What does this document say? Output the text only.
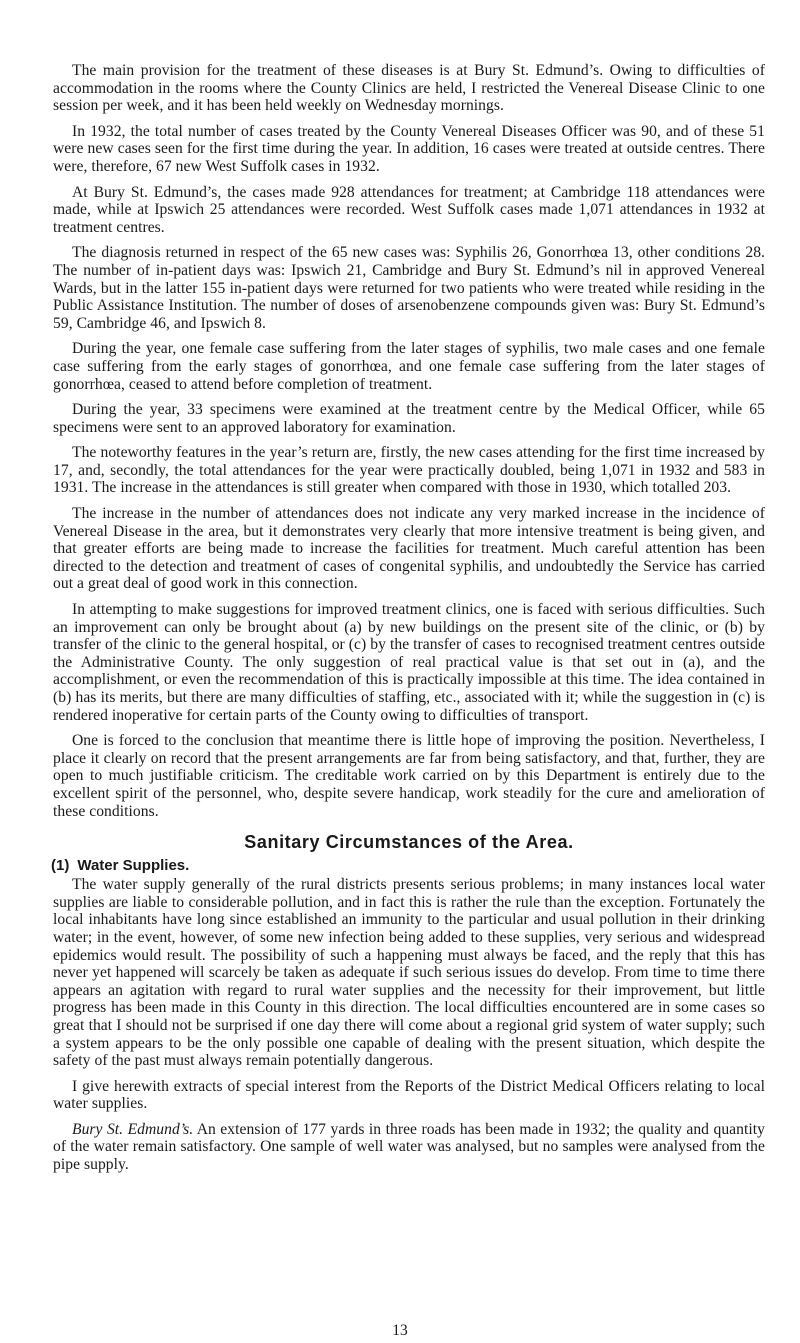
The main provision for the treatment of these diseases is at Bury St. Edmund’s. Owing to difficulties of accommodation in the rooms where the County Clinics are held, I restricted the Venereal Disease Clinic to one session per week, and it has been held weekly on Wednesday mornings.

In 1932, the total number of cases treated by the County Venereal Diseases Officer was 90, and of these 51 were new cases seen for the first time during the year. In addition, 16 cases were treated at outside centres. There were, therefore, 67 new West Suffolk cases in 1932.

At Bury St. Edmund’s, the cases made 928 attendances for treatment; at Cambridge 118 attendances were made, while at Ipswich 25 attendances were recorded. West Suffolk cases made 1,071 attendances in 1932 at treatment centres.

The diagnosis returned in respect of the 65 new cases was: Syphilis 26, Gonorrhœa 13, other conditions 28. The number of in-patient days was: Ipswich 21, Cambridge and Bury St. Edmund’s nil in approved Venereal Wards, but in the latter 155 in-patient days were returned for two patients who were treated while residing in the Public Assistance Institution. The number of doses of arsenobenzene compounds given was: Bury St. Edmund’s 59, Cambridge 46, and Ipswich 8.

During the year, one female case suffering from the later stages of syphilis, two male cases and one female case suffering from the early stages of gonorrhœa, and one female case suffering from the later stages of gonorrhœa, ceased to attend before completion of treatment.

During the year, 33 specimens were examined at the treatment centre by the Medical Officer, while 65 specimens were sent to an approved laboratory for examination.

The noteworthy features in the year’s return are, firstly, the new cases attending for the first time increased by 17, and, secondly, the total attendances for the year were practically doubled, being 1,071 in 1932 and 583 in 1931. The increase in the attendances is still greater when compared with those in 1930, which totalled 203.

The increase in the number of attendances does not indicate any very marked increase in the incidence of Venereal Disease in the area, but it demonstrates very clearly that more intensive treatment is being given, and that greater efforts are being made to increase the facilities for treatment. Much careful attention has been directed to the detection and treatment of cases of congenital syphilis, and undoubtedly the Service has carried out a great deal of good work in this connection.

In attempting to make suggestions for improved treatment clinics, one is faced with serious difficulties. Such an improvement can only be brought about (a) by new buildings on the present site of the clinic, or (b) by transfer of the clinic to the general hospital, or (c) by the transfer of cases to recognised treatment centres outside the Administrative County. The only suggestion of real practical value is that set out in (a), and the accomplishment, or even the recommendation of this is practically impossible at this time. The idea contained in (b) has its merits, but there are many difficulties of staffing, etc., associated with it; while the suggestion in (c) is rendered inoperative for certain parts of the County owing to difficulties of transport.

One is forced to the conclusion that meantime there is little hope of improving the position. Nevertheless, I place it clearly on record that the present arrangements are far from being satisfactory, and that, further, they are open to much justifiable criticism. The creditable work carried on by this Department is entirely due to the excellent spirit of the personnel, who, despite severe handicap, work steadily for the cure and amelioration of these conditions.

Sanitary Circumstances of the Area.
(1) Water Supplies.

The water supply generally of the rural districts presents serious problems; in many instances local water supplies are liable to considerable pollution, and in fact this is rather the rule than the exception. Fortunately the local inhabitants have long since established an immunity to the particular and usual pollution in their drinking water; in the event, however, of some new infection being added to these supplies, very serious and widespread epidemics would result. The possibility of such a happening must always be faced, and the reply that this has never yet happened will scarcely be taken as adequate if such serious issues do develop. From time to time there appears an agitation with regard to rural water supplies and the necessity for their improvement, but little progress has been made in this County in this direction. The local difficulties encountered are in some cases so great that I should not be surprised if one day there will come about a regional grid system of water supply; such a system appears to be the only possible one capable of dealing with the present situation, which despite the safety of the past must always remain potentially dangerous.

I give herewith extracts of special interest from the Reports of the District Medical Officers relating to local water supplies.

Bury St. Edmund’s. An extension of 177 yards in three roads has been made in 1932; the quality and quantity of the water remain satisfactory. One sample of well water was analysed, but no samples were analysed from the pipe supply.

13
